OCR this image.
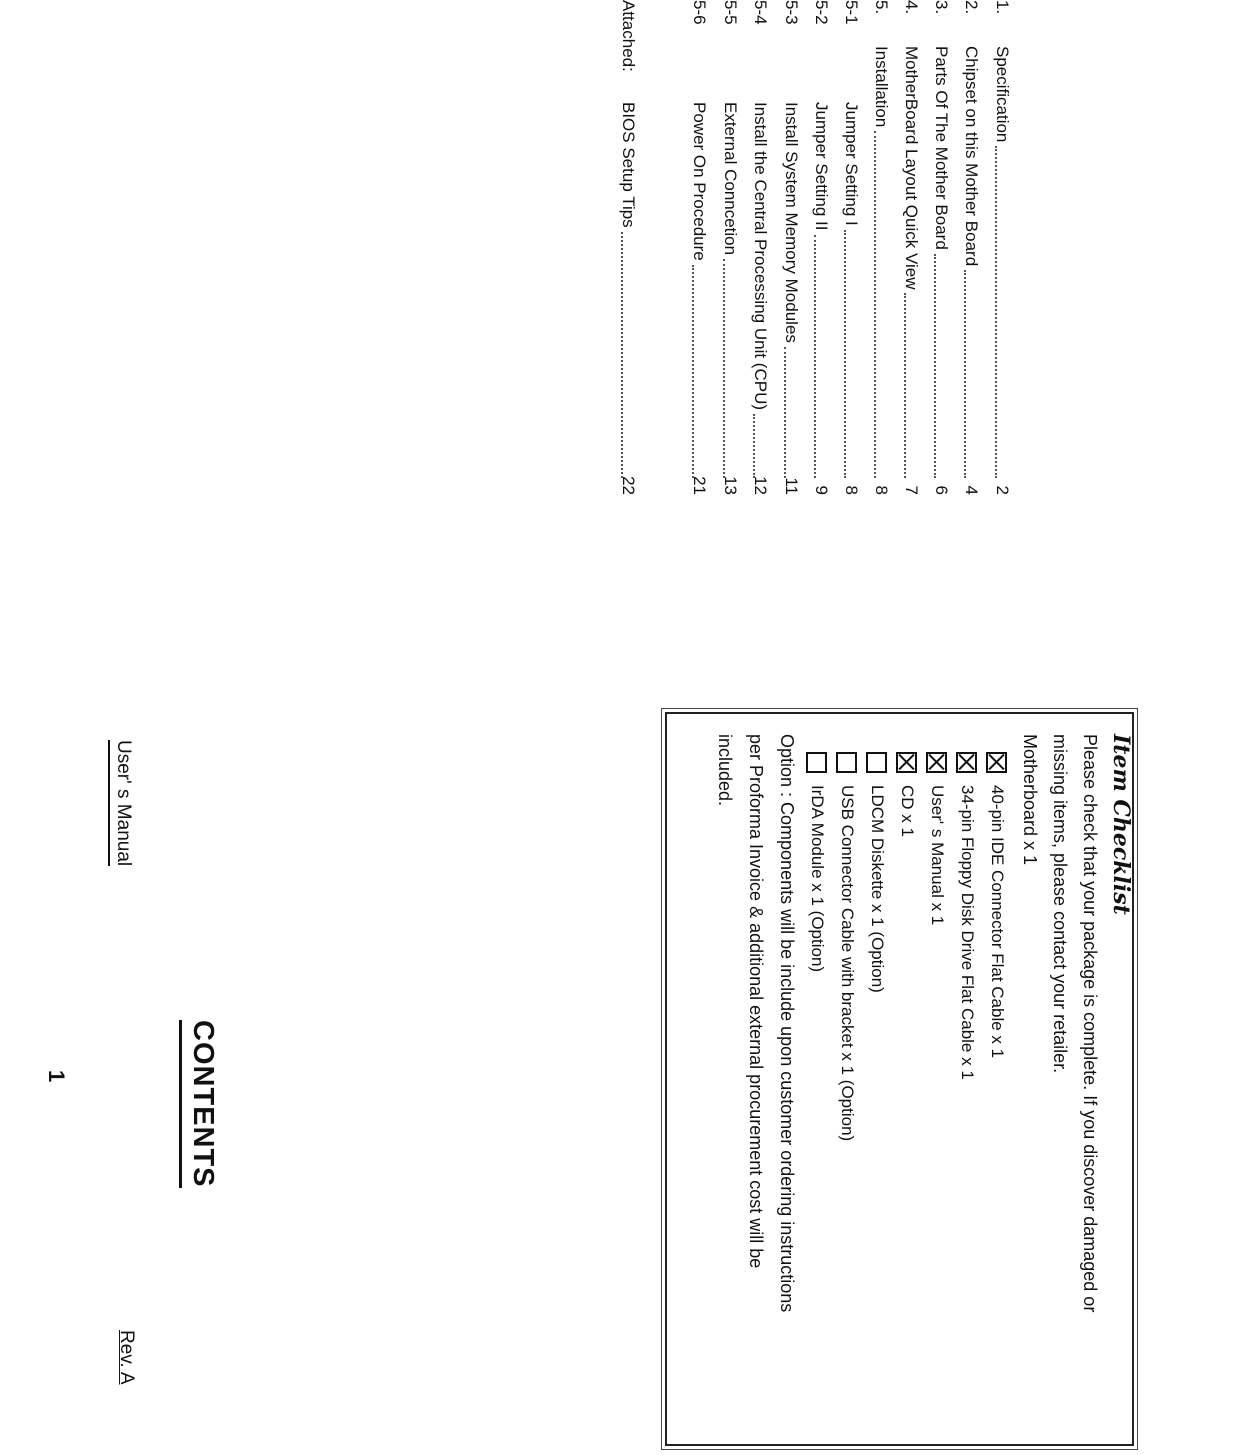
User' s Manual
Rev. A
CONTENTS
1.
Specification
2
2.
Chipset on this Mother Board
4
3.
Parts Of The Mother Board
6
4.
MotherBoard Layout Quick View
7
5.
Installation
8
5-1
Jumper Setting I
8
5-2
Jumper Setting II
9
5-3
Install System Memory Modules
11
5-4
Install the Central Processing Unit (CPU)
12
5-5
External Conncetion
13
5-6
Power On Procedure
21
Attached:
BIOS Setup Tips
22
Item Checklist
Please check that your package is complete. If you discover damaged or
missing items, please contact your retailer.
Motherboard x 1
40-pin IDE Connector Flat Cable x 1
34-pin Floppy Disk Drive Flat Cable x 1
User' s Manual x 1
CD x 1
LDCM Diskette x 1 (Option)
USB Connector Cable with bracket x 1 (Option)
IrDA Module x 1 (Option)
Option : Components will be include upon customer ordering instructions
per Proforma Invoice & additional external procurement cost will be
included.
1
